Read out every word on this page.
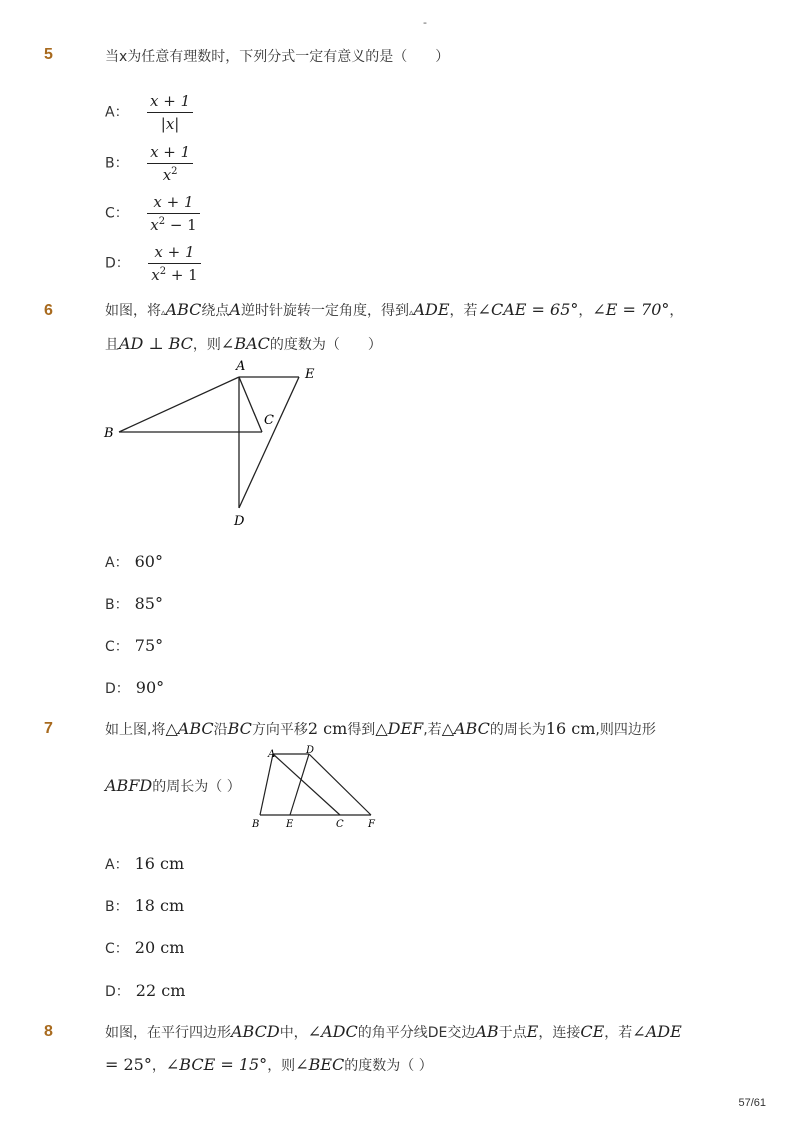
-
5	当x为任意有理数时，下列分式一定有意义的是（　　）
A： $\frac{x + 1}{|x|}$
B： $\frac{x + 1}{x^2}$
C： $\frac{x + 1}{x^2 - 1}$
D： $\frac{x + 1}{x^2 + 1}$
6	如图，将▵ABC绕点A逆时针旋转一定角度，得到▵ADE，若∠CAE = 65°，∠E = 70°，
且AD ⊥ BC，则∠BAC的度数为（　　）
A
E
B
C
D
A： 60°
B： 85°
C： 75°
D： 90°
7	如上图,将△ABC沿BC方向平移2 cm得到△DEF,若△ABC的周长为16 cm,则四边形
ABFD的周长为（ ）
A	D
B	E	C F
A： 16 cm
B： 18 cm
C： 20 cm
D： 22 cm
8	如图，在平行四边形ABCD中，∠ADC的角平分线DE交边AB于点E，连接CE，若∠ADE
= 25°，∠BCE = 15°，则∠BEC的度数为（ ）
57/61
